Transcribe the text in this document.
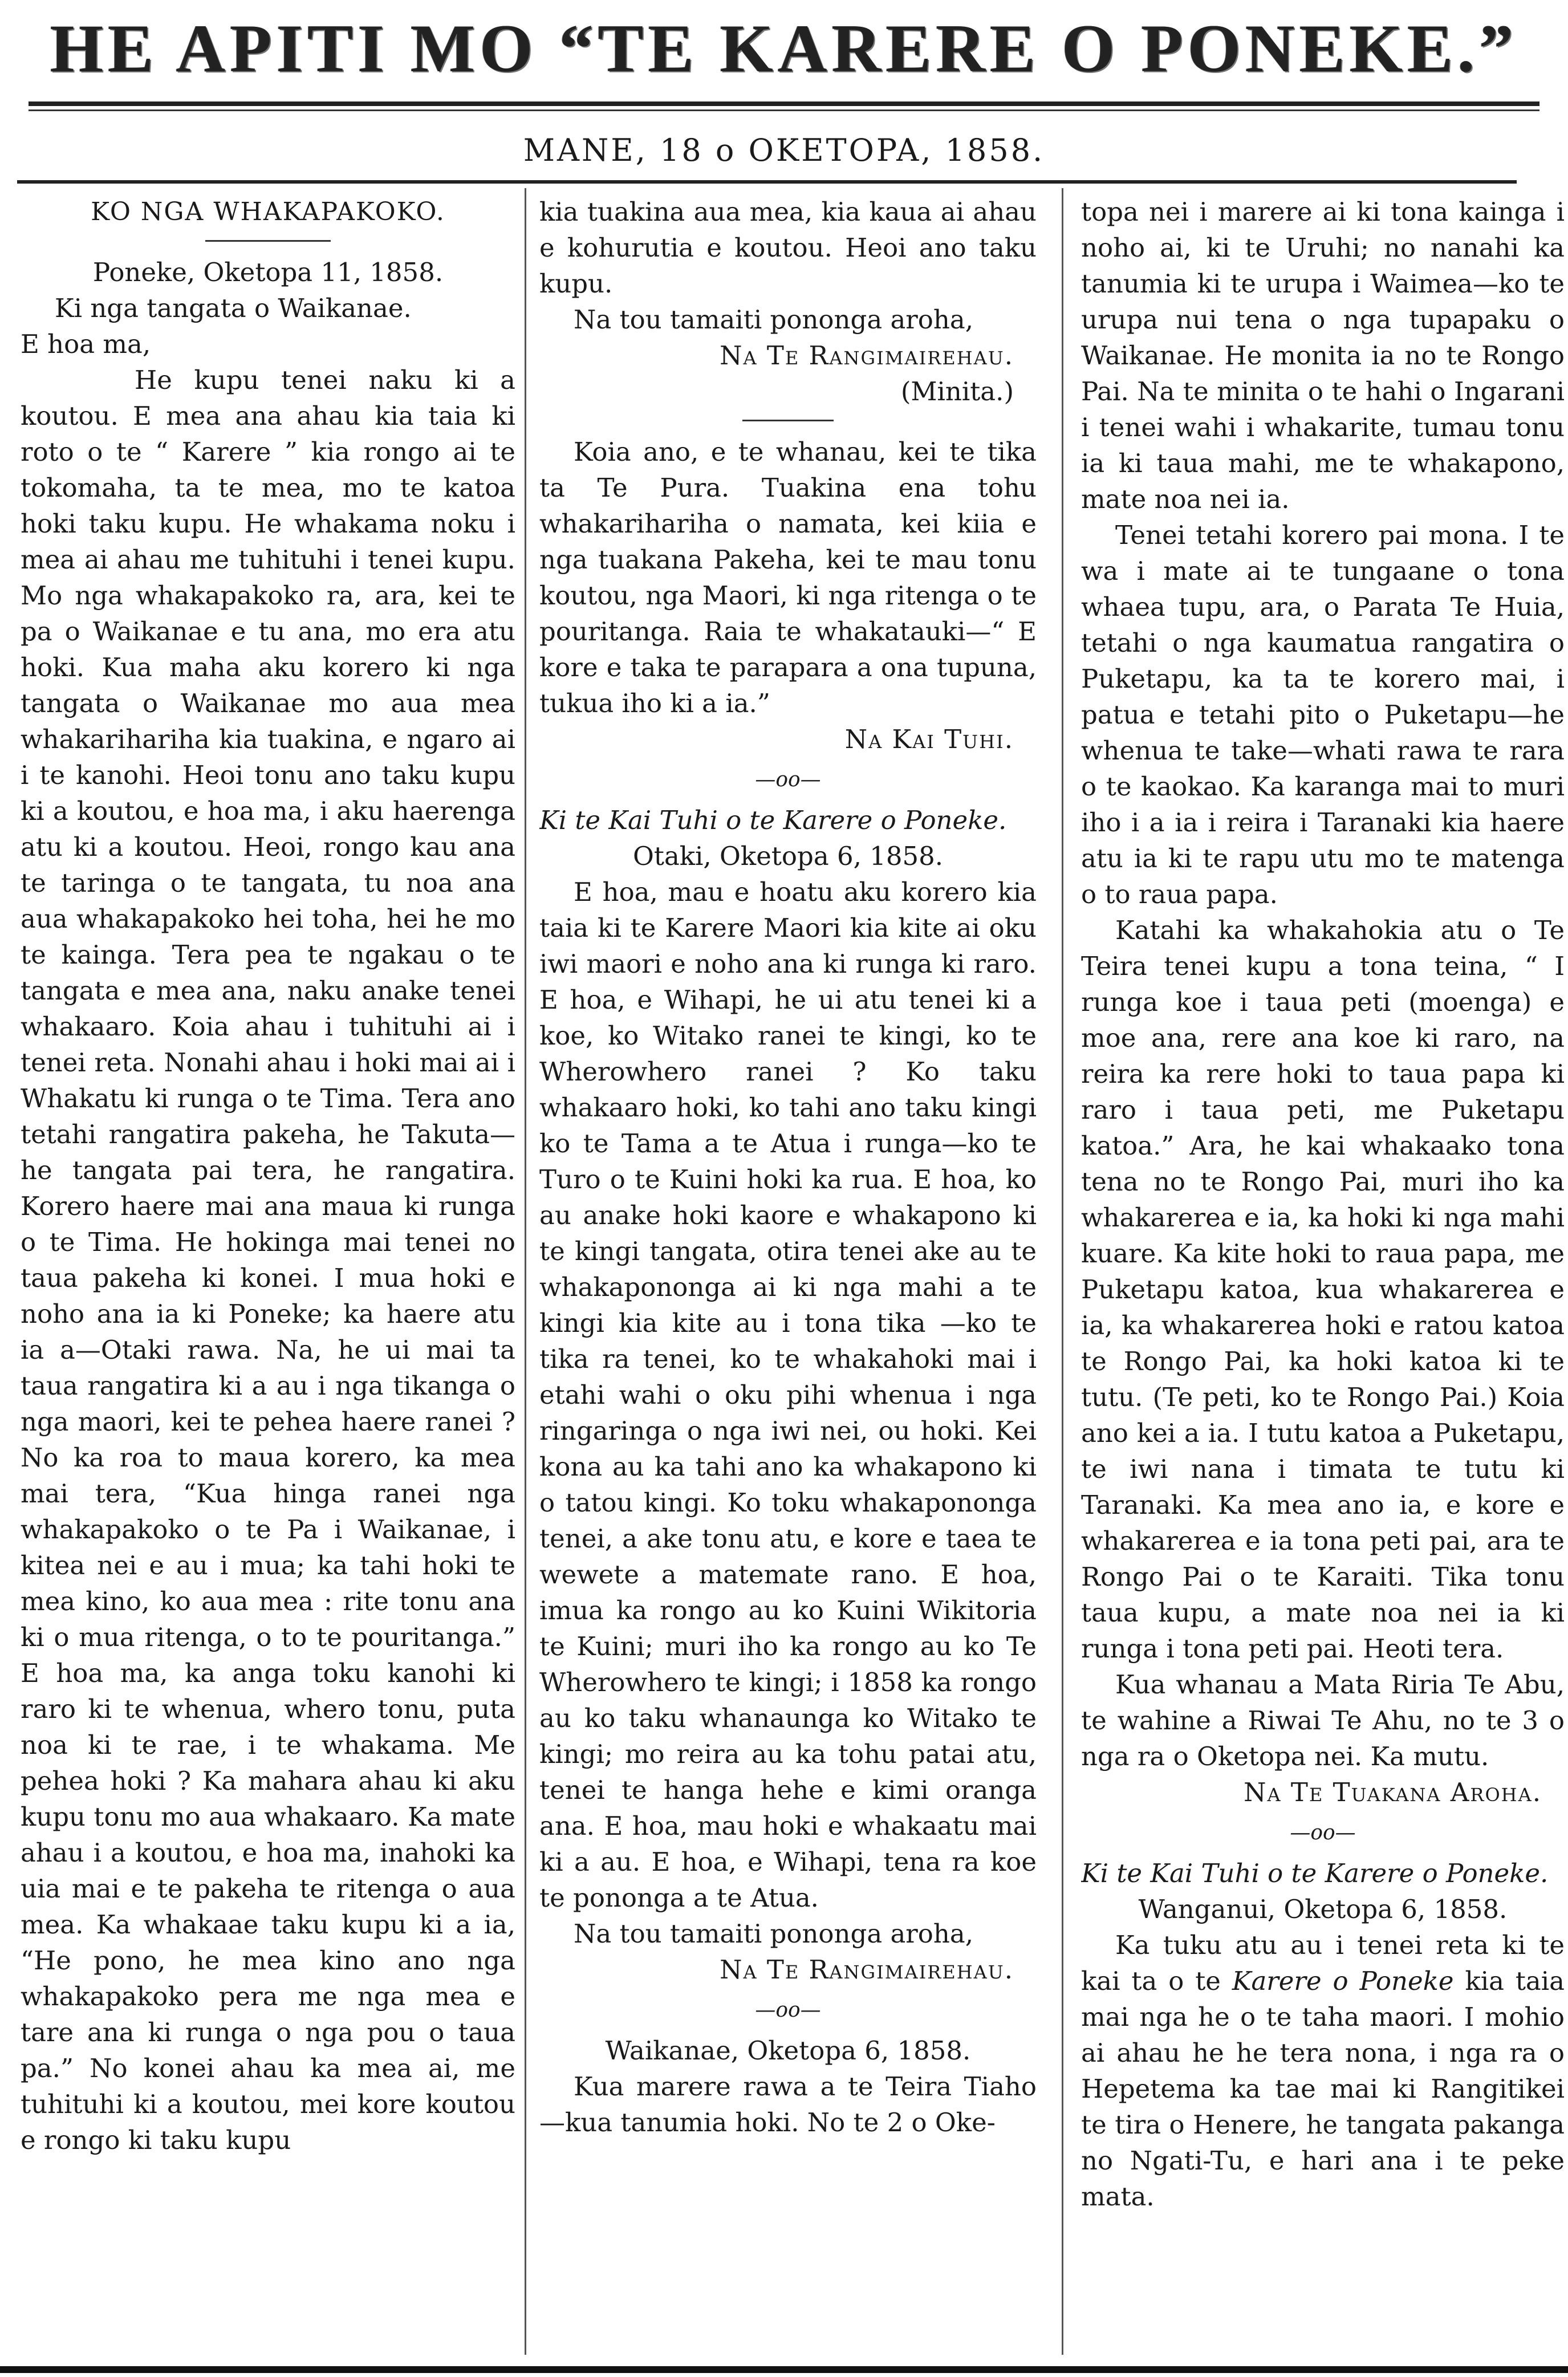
HE APITI MO “TE KARERE O PONEKE.”
MANE, 18 o OKETOPA, 1858.
KO NGA WHAKAPAKOKO.

Poneke, Oketopa 11, 1858.

Ki nga tangata o Waikanae.

E hoa ma,

He kupu tenei naku ki a koutou. E mea ana ahau kia taia ki roto o te “ Karere ” kia rongo ai te tokomaha, ta te mea, mo te katoa hoki taku kupu. He whakama noku i mea ai ahau me tuhituhi i tenei kupu. Mo nga whakapakoko ra, ara, kei te pa o Waikanae e tu ana, mo era atu hoki. Kua maha aku korero ki nga tangata o Waikanae mo aua mea whakarihariha kia tuakina, e ngaro ai i te kanohi. Heoi tonu ano taku kupu ki a koutou, e hoa ma, i aku haerenga atu ki a koutou. Heoi, rongo kau ana te taringa o te tangata, tu noa ana aua whakapakoko hei toha, hei he mo te kainga. Tera pea te ngakau o te tangata e mea ana, naku anake tenei whakaaro. Koia ahau i tuhituhi ai i tenei reta. Nonahi ahau i hoki mai ai i Whakatu ki runga o te Tima. Tera ano tetahi rangatira pakeha, he Takuta—he tangata pai tera, he rangatira. Korero haere mai ana maua ki runga o te Tima. He hokinga mai tenei no taua pakeha ki konei. I mua hoki e noho ana ia ki Poneke; ka haere atu ia a—Otaki rawa. Na, he ui mai ta taua rangatira ki a au i nga tikanga o nga maori, kei te pehea haere ranei ? No ka roa to maua korero, ka mea mai tera, “Kua hinga ranei nga whakapakoko o te Pa i Waikanae, i kitea nei e au i mua; ka tahi hoki te mea kino, ko aua mea : rite tonu ana ki o mua ritenga, o to te pouritanga.” E hoa ma, ka anga toku kanohi ki raro ki te whenua, whero tonu, puta noa ki te rae, i te whakama. Me pehea hoki ? Ka mahara ahau ki aku kupu tonu mo aua whakaaro. Ka mate ahau i a koutou, e hoa ma, inahoki ka uia mai e te pakeha te ritenga o aua mea. Ka whakaae taku kupu ki a ia, “He pono, he mea kino ano nga whakapakoko pera me nga mea e tare ana ki runga o nga pou o taua pa.” No konei ahau ka mea ai, me tuhituhi ki a koutou, mei kore koutou e rongo ki taku kupu

kia tuakina aua mea, kia kaua ai ahau e kohurutia e koutou. Heoi ano taku kupu.

Na tou tamaiti pononga aroha,

Na Te Rangimairehau.

(Minita.)

Koia ano, e te whanau, kei te tika ta Te Pura. Tuakina ena tohu whakarihariha o namata, kei kiia e nga tuakana Pakeha, kei te mau tonu koutou, nga Maori, ki nga ritenga o te pouritanga. Raia te whakatauki—“ E kore e taka te parapara a ona tupuna, tukua iho ki a ia.”

Na Kai Tuhi.

—oo—

Ki te Kai Tuhi o te Karere o Poneke.

Otaki, Oketopa 6, 1858.

E hoa, mau e hoatu aku korero kia taia ki te Karere Maori kia kite ai oku iwi maori e noho ana ki runga ki raro. E hoa, e Wihapi, he ui atu tenei ki a koe, ko Witako ranei te kingi, ko te Wherowhero ranei ? Ko taku whakaaro hoki, ko tahi ano taku kingi ko te Tama a te Atua i runga—ko te Turo o te Kuini hoki ka rua. E hoa, ko au anake hoki kaore e whakapono ki te kingi tangata, otira tenei ake au te whakapononga ai ki nga mahi a te kingi kia kite au i tona tika —ko te tika ra tenei, ko te whakahoki mai i etahi wahi o oku pihi whenua i nga ringaringa o nga iwi nei, ou hoki. Kei kona au ka tahi ano ka whakapono ki o tatou kingi. Ko toku whakapononga tenei, a ake tonu atu, e kore e taea te wewete a matemate rano. E hoa, imua ka rongo au ko Kuini Wikitoria te Kuini; muri iho ka rongo au ko Te Wherowhero te kingi; i 1858 ka rongo au ko taku whanaunga ko Witako te kingi; mo reira au ka tohu patai atu, tenei te hanga hehe e kimi oranga ana. E hoa, mau hoki e whakaatu mai ki a au. E hoa, e Wihapi, tena ra koe te pononga a te Atua.

Na tou tamaiti pononga aroha,

Na Te Rangimairehau.

—oo—

Waikanae, Oketopa 6, 1858.

Kua marere rawa a te Teira Tiaho —kua tanumia hoki. No te 2 o Oke-

topa nei i marere ai ki tona kainga i noho ai, ki te Uruhi; no nanahi ka tanumia ki te urupa i Waimea—ko te urupa nui tena o nga tupapaku o Waikanae. He monita ia no te Rongo Pai. Na te minita o te hahi o Ingarani i tenei wahi i whakarite, tumau tonu ia ki taua mahi, me te whakapono, mate noa nei ia.

Tenei tetahi korero pai mona. I te wa i mate ai te tungaane o tona whaea tupu, ara, o Parata Te Huia, tetahi o nga kaumatua rangatira o Puketapu, ka ta te korero mai, i patua e tetahi pito o Puketapu—he whenua te take—whati rawa te rara o te kaokao. Ka karanga mai to muri iho i a ia i reira i Taranaki kia haere atu ia ki te rapu utu mo te matenga o to raua papa.

Katahi ka whakahokia atu o Te Teira tenei kupu a tona teina, “ I runga koe i taua peti (moenga) e moe ana, rere ana koe ki raro, na reira ka rere hoki to taua papa ki raro i taua peti, me Puketapu katoa.” Ara, he kai whakaako tona tena no te Rongo Pai, muri iho ka whakarerea e ia, ka hoki ki nga mahi kuare. Ka kite hoki to raua papa, me Puketapu katoa, kua whakarerea e ia, ka whakarerea hoki e ratou katoa te Rongo Pai, ka hoki katoa ki te tutu. (Te peti, ko te Rongo Pai.) Koia ano kei a ia. I tutu katoa a Puketapu, te iwi nana i timata te tutu ki Taranaki. Ka mea ano ia, e kore e whakarerea e ia tona peti pai, ara te Rongo Pai o te Karaiti. Tika tonu taua kupu, a mate noa nei ia ki runga i tona peti pai. Heoti tera.

Kua whanau a Mata Riria Te Abu, te wahine a Riwai Te Ahu, no te 3 o nga ra o Oketopa nei. Ka mutu.

Na Te Tuakana Aroha.

—oo—

Ki te Kai Tuhi o te Karere o Poneke.

Wanganui, Oketopa 6, 1858.

Ka tuku atu au i tenei reta ki te kai ta o te Karere o Poneke kia taia mai nga he o te taha maori. I mohio ai ahau he he tera nona, i nga ra o Hepetema ka tae mai ki Rangitikei te tira o Henere, he tangata pakanga no Ngati-Tu, e hari ana i te peke mata.
